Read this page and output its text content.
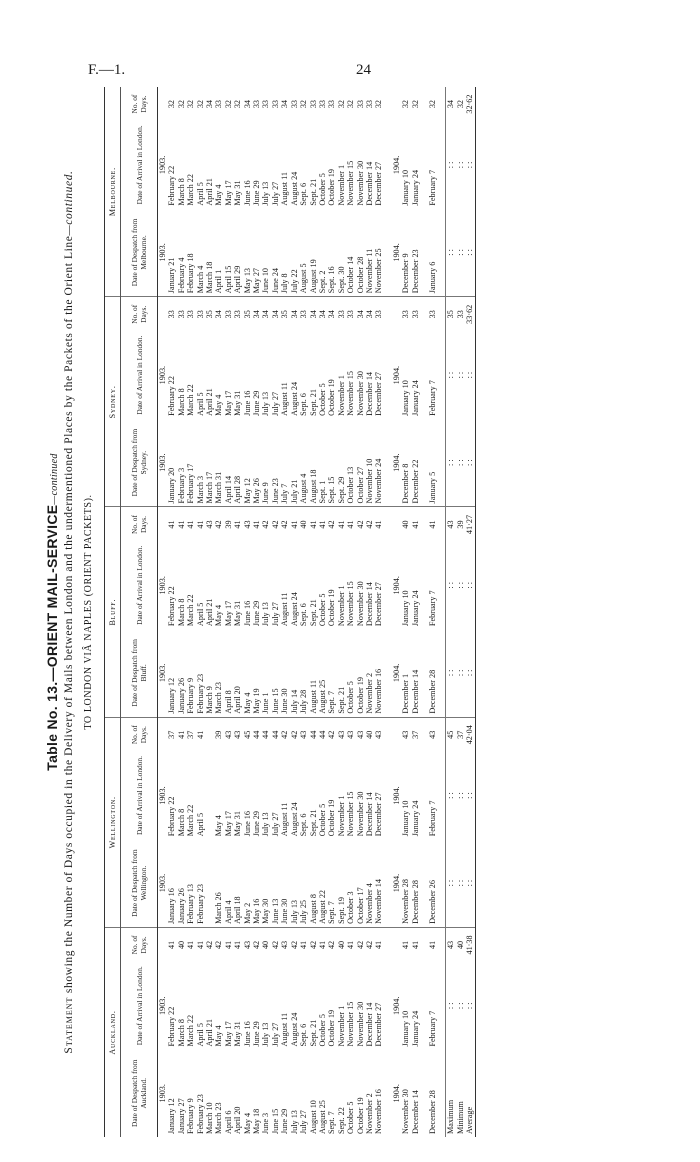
F.—1.	24
Table No. 13.—ORIENT MAIL-SERVICE—continued
Statement showing the Number of Days occupied in the Delivery of Mails between London and the undermentioned Places by the Packets of the Orient Line—continued.
TO LONDON VIÂ NAPLES (ORIENT PACKETS).
Auckland.			Wellington.			Bluff.			Sydney.			Melbourne.		
Date of Despatch from Auckland.	Date of Arrival in London.	No. of Days.	Date of Despatch from Wellington.	Date of Arrival in London.	No. of Days.	Date of Despatch from Bluff.	Date of Arrival in London.	No. of Days.	Date of Despatch from Sydney.	Date of Arrival in London.	No. of Days.	Date of Despatch from Melbourne.	Date of Arrival in London.	No. of Days.
1903.	1903.		1903.	1903.		1903.	1903.		1903.	1903.		1903.	1903.	
January 12	February 22	41	January 16	February 22	37	January 12	February 22	41	January 20	February 22	33	January 21	February 22	32
January 27	March 8	40	January 26	March 8	41	January 26	March 8	41	February 3	March 8	33	February 4	March 8	32
February 9	March 22	41	February 13	March 22	37	February 9	March 22	41	February 17	March 22	33	February 18	March 22	32
February 23	April 5	41	February 23	April 5	41	February 23	April 5	41	March 3	April 5	33	March 4	April 5	32
March 10	April 21	42				March 9	April 21	43	March 17	April 21	35	March 18	April 21	34
March 23	May 4	42	March 26	May 4	39	March 23	May 4	42	March 31	May 4	34	April 1	May 4	33
April 6	May 17	41	April 4	May 17	43	April 8	May 17	39	April 14	May 17	33	April 15	May 17	32
April 20	May 31	41	April 18	May 31	43	April 20	May 31	41	April 28	May 31	33	April 29	May 31	32
May 4	June 16	43	May 2	June 16	45	May 4	June 16	43	May 12	June 16	35	May 13	June 16	34
May 18	June 29	42	May 16	June 29	44	May 19	June 29	41	May 26	June 29	34	May 27	June 29	33
June 3	July 13	40	May 30	July 13	44	June 1	July 13	42	June 9	July 13	34	June 10	July 13	33
June 15	July 27	42	June 13	July 27	44	June 15	July 27	42	June 23	July 27	34	June 24	July 27	33
June 29	August 11	43	June 30	August 11	42	June 30	August 11	42	July 7	August 11	35	July 8	August 11	34
July 13	August 24	42	July 13	August 24	42	July 14	August 24	41	July 21	August 24	34	July 22	August 24	33
July 27	Sept. 6	41	July 25	Sept. 6	43	July 28	Sept. 6	40	August 4	Sept. 6	33	August 5	Sept. 6	32
August 10	Sept. 21	42	August 8	Sept. 21	44	August 11	Sept. 21	41	August 18	Sept. 21	34	August 19	Sept. 21	33
August 25	October 5	41	August 22	October 5	44	August 25	October 5	41	Sept. 1	October 5	34	Sept. 2	October 5	33
Sept. 7	October 19	42	Sept. 7	October 19	42	Sept. 7	October 19	42	Sept. 15	October 19	34	Sept. 16	October 19	33
Sept. 22	November 1	40	Sept. 19	November 1	43	Sept. 21	November 1	41	Sept. 29	November 1	33	Sept. 30	November 1	32
October 5	November 15	41	October 3	November 15	43	October 5	November 15	41	October 13	November 15	33	October 14	November 15	32
October 19	November 30	42	October 17	November 30	43	October 19	November 30	42	October 27	November 30	34	October 28	November 30	33
November 2	December 14	42	November 4	December 14	40	November 2	December 14	42	November 10	December 14	34	November 11	December 14	33
November 16	December 27	41	November 14	December 27	43	November 16	December 27	41	November 24	December 27	33	November 25	December 27	32

1904.	1904.		1904.	1904.		1904.	1904.		1904.	1904.		1904.	1904.	
November 30	January 10	41	November 28	January 10	43	December 1	January 10	40	December 8	January 10	33	December 9	January 10	32
December 14	January 24	41	December 28	January 24	37	December 14	January 24	41	December 22	January 24	33	December 23	January 24	32

December 28	February 7	41	December 26	February 7	43	December 28	February 7	41	January 5	February 7	33	January 6	February 7	32

Maximum	: :	43	: :	: :	45	: :	: :	43	: :	: :	35	: :	: :	34
Minimum	: :	40	: :	: :	37	: :	: :	39	: :	: :	33	: :	: :	32
Average	: :	41·38	: :	: :	42·04	: :	: :	41·27	: :	: :	33·62	: :	: :	32·62
